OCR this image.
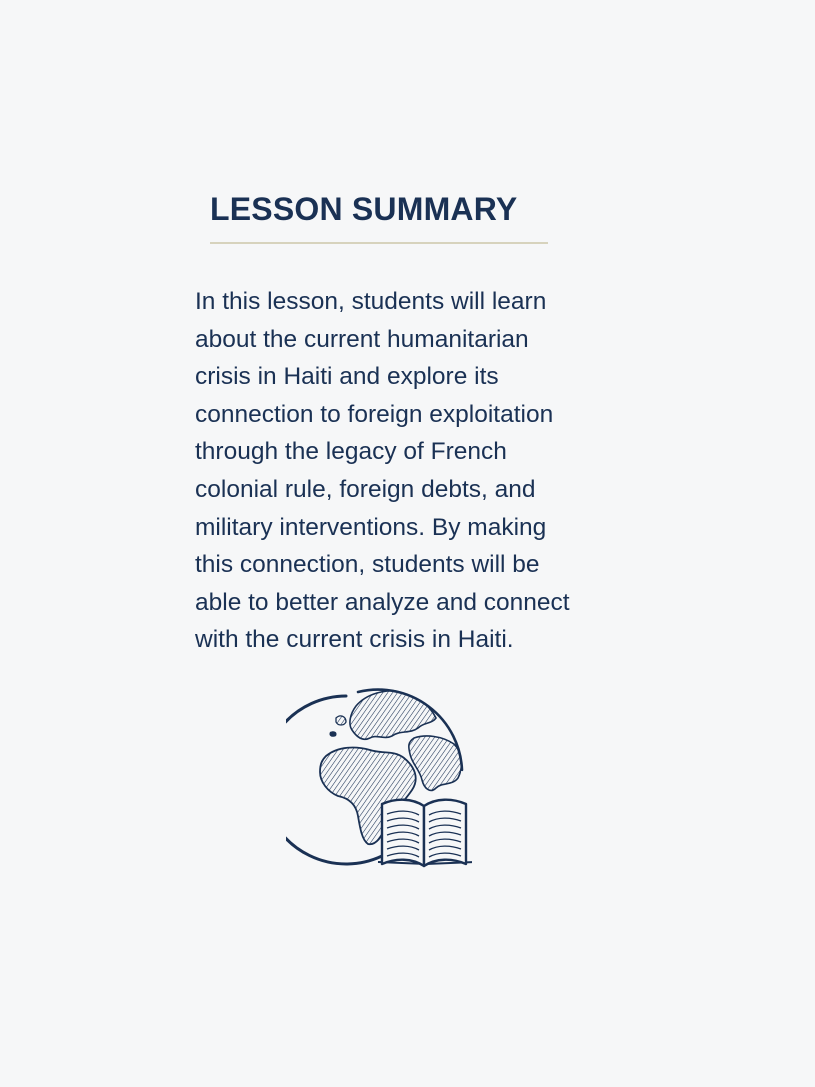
LESSON SUMMARY

In this lesson, students will learn
about the current humanitarian
crisis in Haiti and explore its
connection to foreign exploitation
through the legacy of French
colonial rule, foreign debts, and
military interventions. By making
this connection, students will be
able to better analyze and connect
with the current crisis in Haiti.
